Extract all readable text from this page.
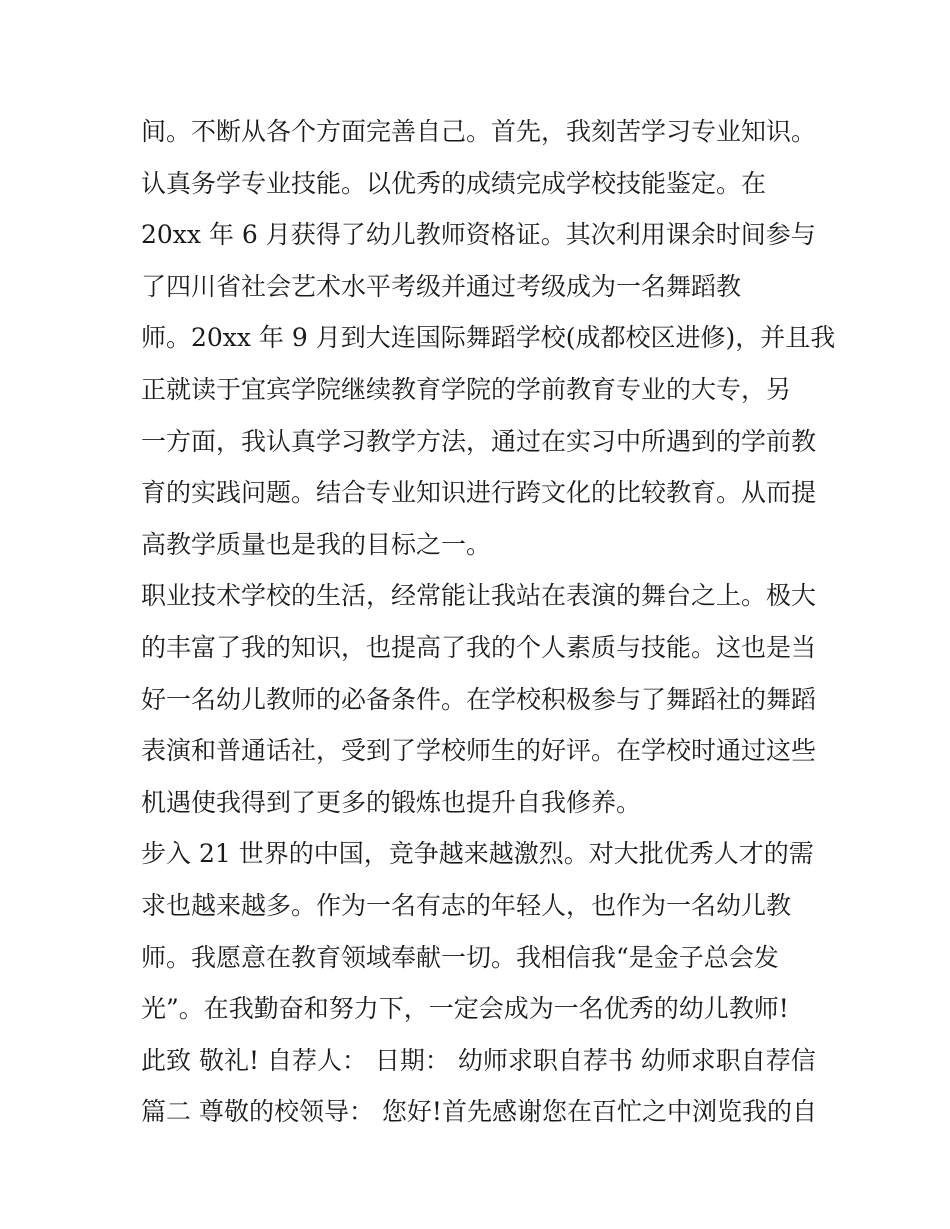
间。不断从各个方面完善自己。首先，我刻苦学习专业知识。
认真务学专业技能。以优秀的成绩完成学校技能鉴定。在
20xx 年 6 月获得了幼儿教师资格证。其次利用课余时间参与
了四川省社会艺术水平考级并通过考级成为一名舞蹈教
师。20xx 年 9 月到大连国际舞蹈学校(成都校区进修)，并且我
正就读于宜宾学院继续教育学院的学前教育专业的大专，另
一方面，我认真学习教学方法，通过在实习中所遇到的学前教
育的实践问题。结合专业知识进行跨文化的比较教育。从而提
高教学质量也是我的目标之一。
职业技术学校的生活，经常能让我站在表演的舞台之上。极大
的丰富了我的知识，也提高了我的个人素质与技能。这也是当
好一名幼儿教师的必备条件。在学校积极参与了舞蹈社的舞蹈
表演和普通话社，受到了学校师生的好评。在学校时通过这些
机遇使我得到了更多的锻炼也提升自我修养。
步入 21 世界的中国，竞争越来越激烈。对大批优秀人才的需
求也越来越多。作为一名有志的年轻人，也作为一名幼儿教
师。我愿意在教育领域奉献一切。我相信我“是金子总会发
光”。在我勤奋和努力下，一定会成为一名优秀的幼儿教师!
此致 敬礼! 自荐人： 日期： 幼师求职自荐书 幼师求职自荐信
篇二 尊敬的校领导： 您好!首先感谢您在百忙之中浏览我的自
